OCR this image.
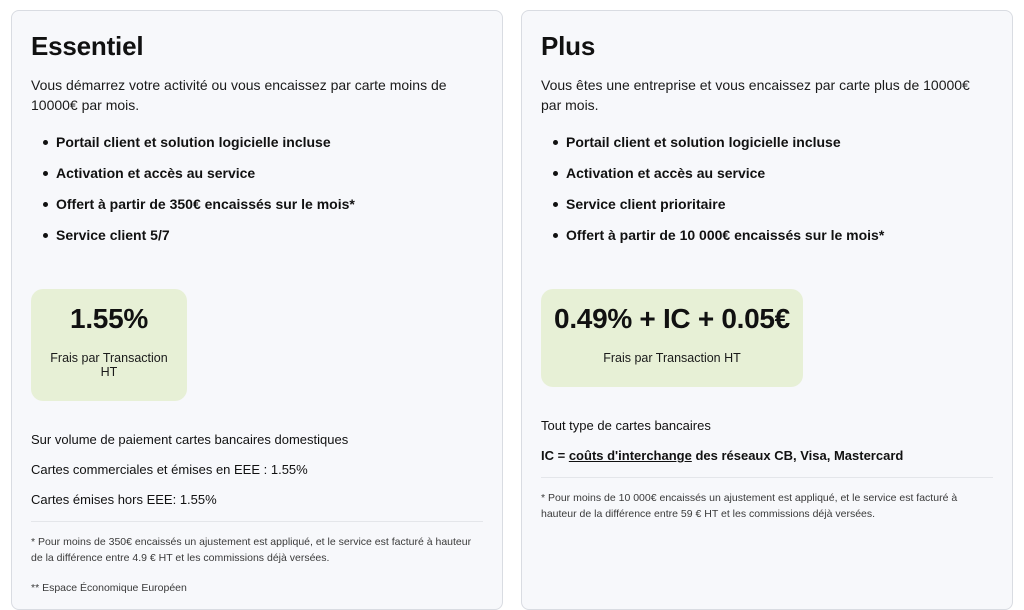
Essentiel

Vous démarrez votre activité ou vous encaissez par carte moins de 10000€ par mois.

Portail client et solution logicielle incluse
Activation et accès au service
Offert à partir de 350€ encaissés sur le mois*
Service client 5/7
1.55%
Frais par Transaction HT

Sur volume de paiement cartes bancaires domestiques

Cartes commerciales et émises en EEE : 1.55%

Cartes émises hors EEE: 1.55%

* Pour moins de 350€ encaissés un ajustement est appliqué, et le service est facturé à hauteur de la différence entre 4.9 € HT et les commissions déjà versées.

** Espace Économique Européen

Plus

Vous êtes une entreprise et vous encaissez par carte plus de 10000€ par mois.

Portail client et solution logicielle incluse
Activation et accès au service
Service client prioritaire
Offert à partir de 10 000€ encaissés sur le mois*
0.49% + IC + 0.05€
Frais par Transaction HT

Tout type de cartes bancaires

IC = coûts d'interchange des réseaux CB, Visa, Mastercard

* Pour moins de 10 000€ encaissés un ajustement est appliqué, et le service est facturé à hauteur de la différence entre 59 € HT et les commissions déjà versées.
